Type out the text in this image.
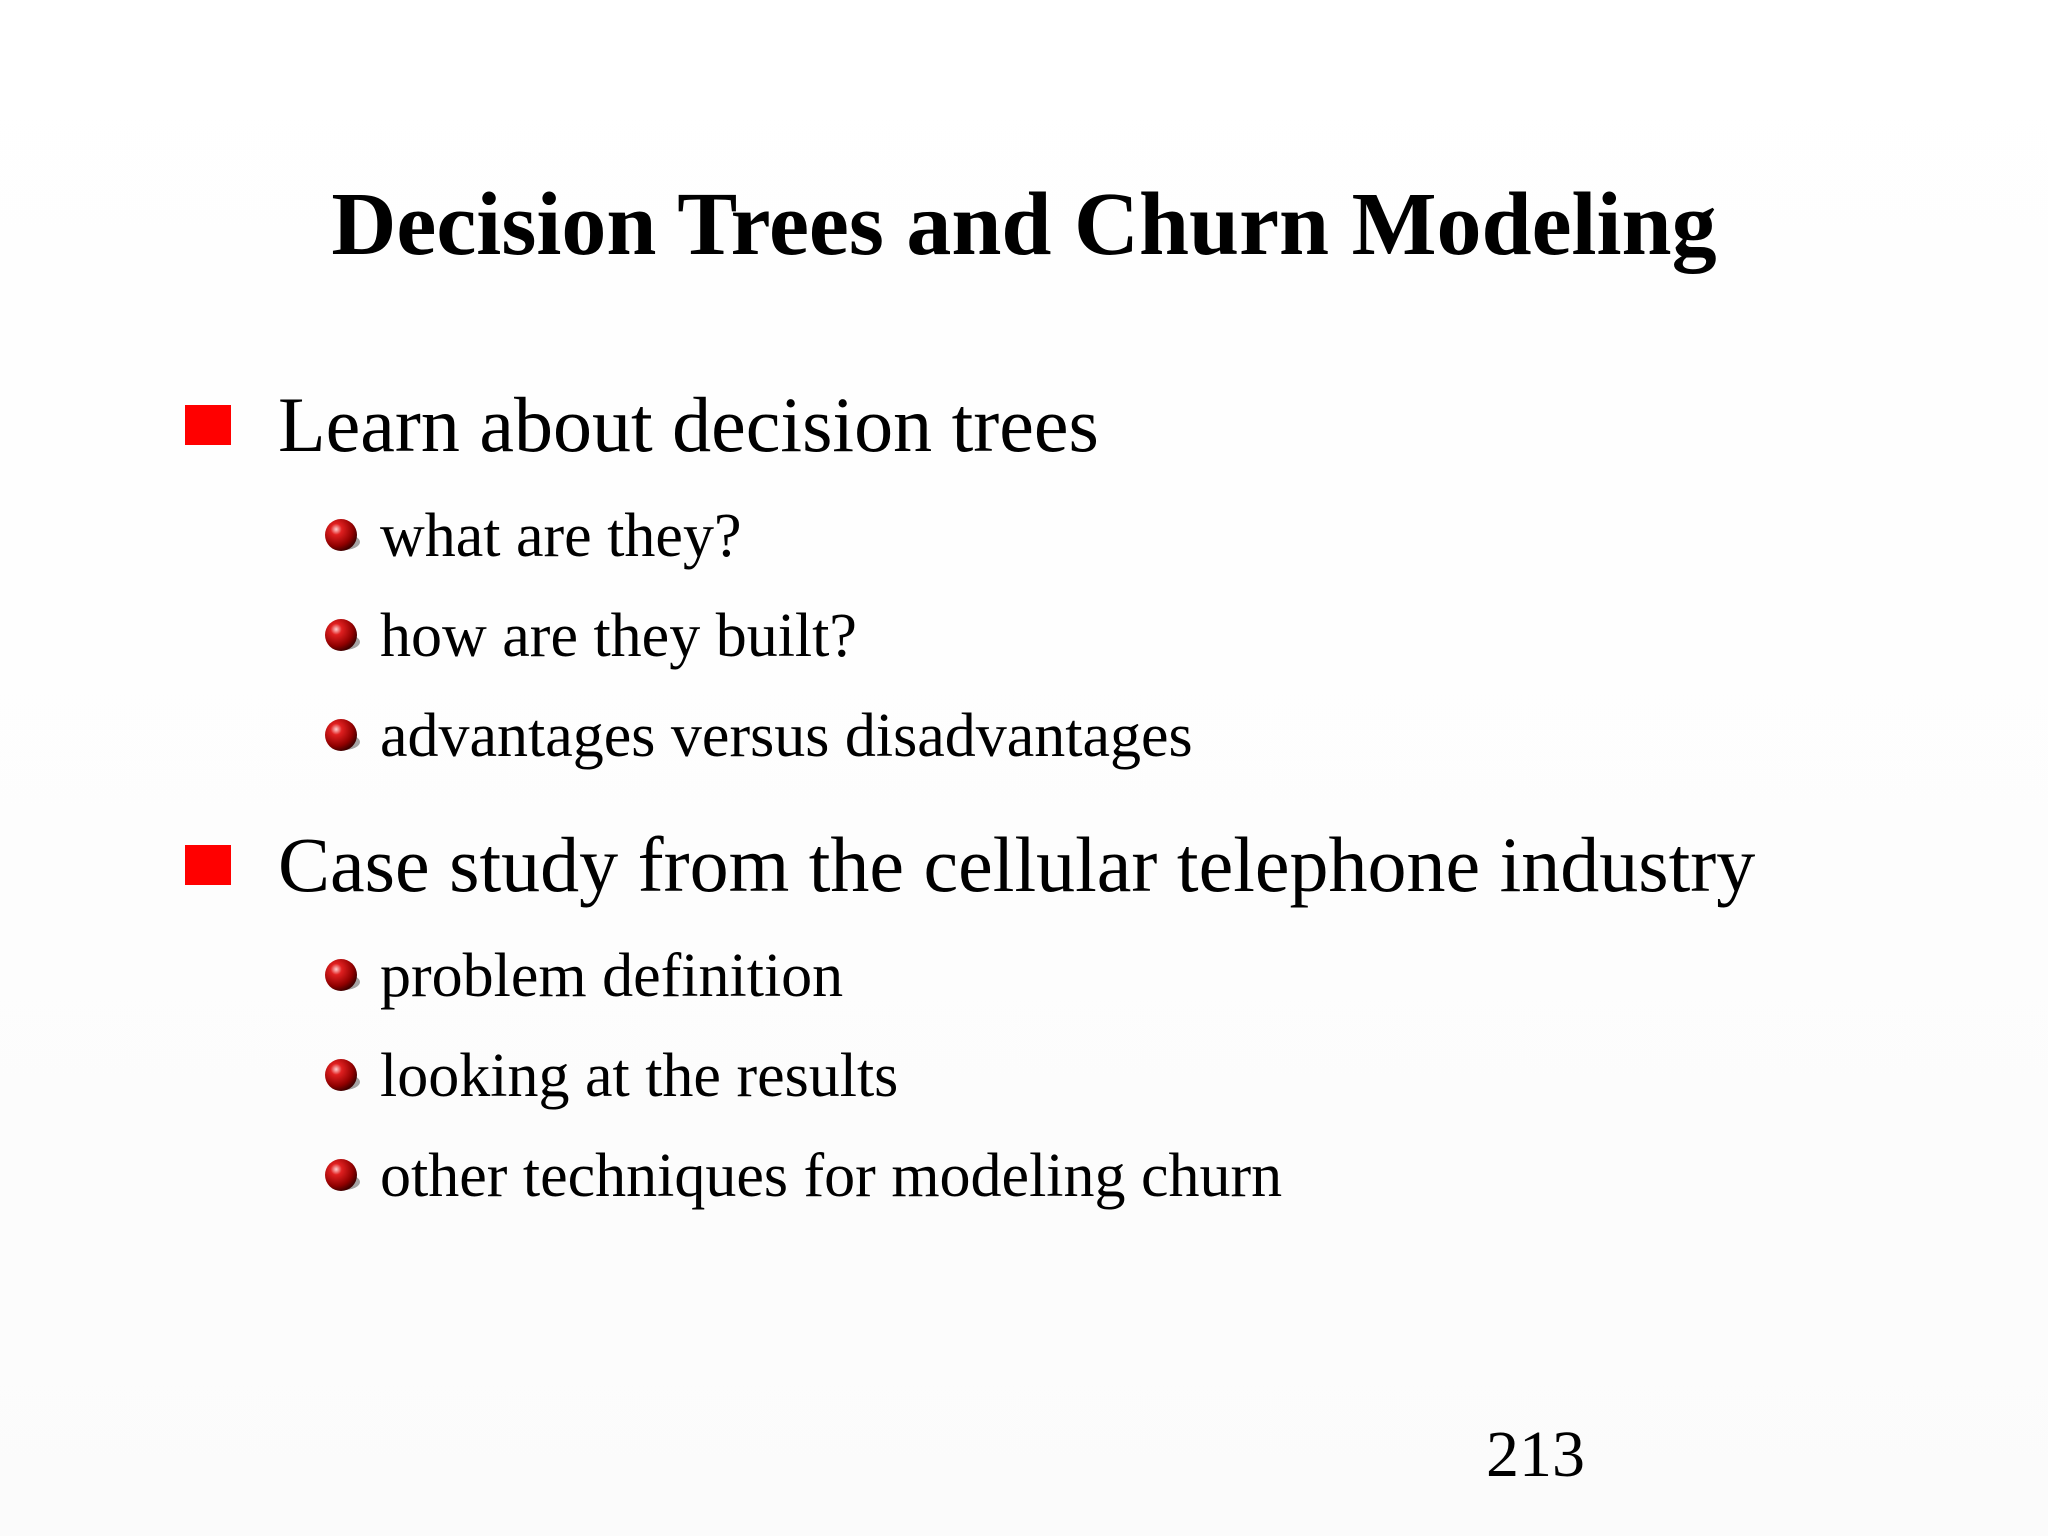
Decision Trees and Churn Modeling
Learn about decision trees
what are they?
how are they built?
advantages versus disadvantages
Case study from the cellular telephone industry
problem definition
looking at the results
other techniques for modeling churn
213
